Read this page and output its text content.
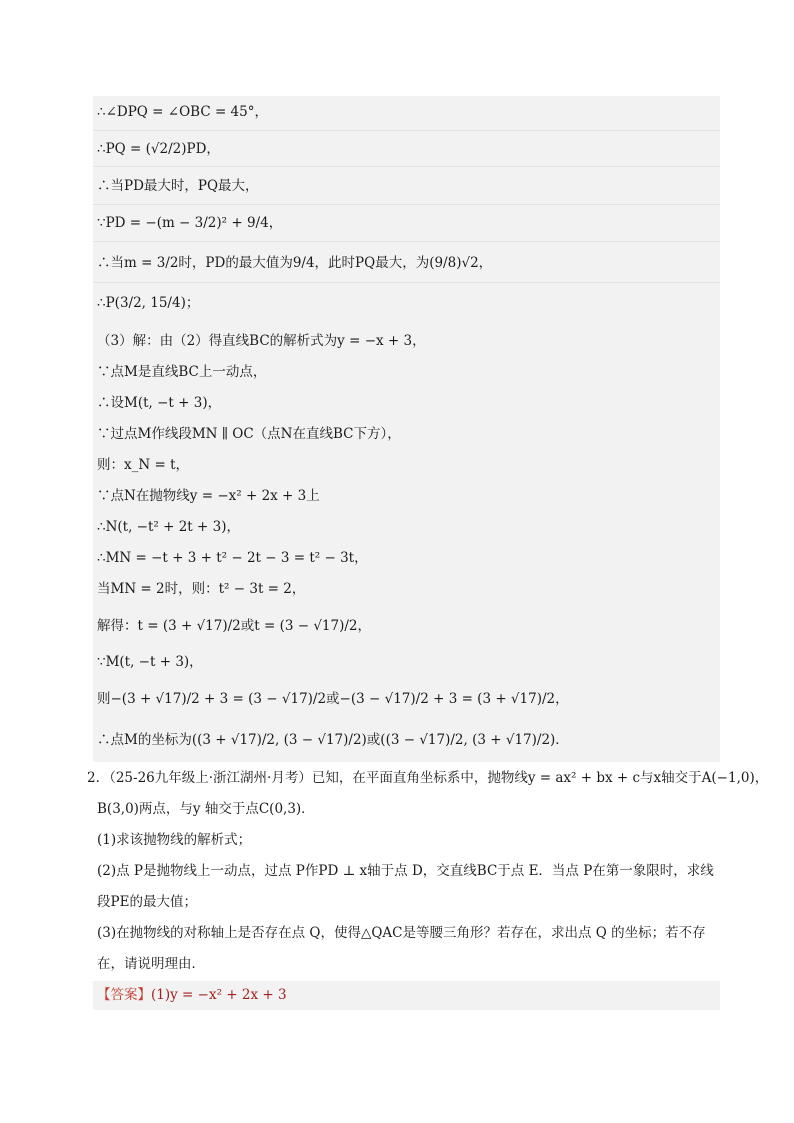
∴∠DPQ = ∠OBC = 45°，
∴PQ = (√2/2)PD，
∴当PD最大时，PQ最大，
∵PD = −(m − 3/2)² + 9/4，
∴当m = 3/2时，PD的最大值为9/4，此时PQ最大，为(9/8)√2，
∴P(3/2, 15/4)；
（3）解：由（2）得直线BC的解析式为y = −x + 3，
∵点M是直线BC上一动点，
∴设M(t, −t + 3)，
∵过点M作线段MN ∥ OC（点N在直线BC下方），
则：x_N = t，
∵点N在抛物线y = −x² + 2x + 3上
∴N(t, −t² + 2t + 3)，
∴MN = −t + 3 + t² − 2t − 3 = t² − 3t，
当MN = 2时，则：t² − 3t = 2，
解得：t = (3 + √17)/2或t = (3 − √17)/2，
∵M(t, −t + 3)，
则−(3 + √17)/2 + 3 = (3 − √17)/2或−(3 − √17)/2 + 3 = (3 + √17)/2，
∴点M的坐标为((3 + √17)/2, (3 − √17)/2)或((3 − √17)/2, (3 + √17)/2)．
2．（25-26九年级上·浙江湖州·月考）已知，在平面直角坐标系中，抛物线y = ax² + bx + c与x轴交于A(−1,0)，
B(3,0)两点，与y 轴交于点C(0,3)．
(1)求该抛物线的解析式；
(2)点 P是抛物线上一动点，过点 P作PD ⊥ x轴于点 D，交直线BC于点 E．当点 P在第一象限时，求线
段PE的最大值；
(3)在抛物线的对称轴上是否存在点 Q，使得△QAC是等腰三角形？若存在，求出点 Q 的坐标；若不存
在，请说明理由．
【答案】(1)y = −x² + 2x + 3
